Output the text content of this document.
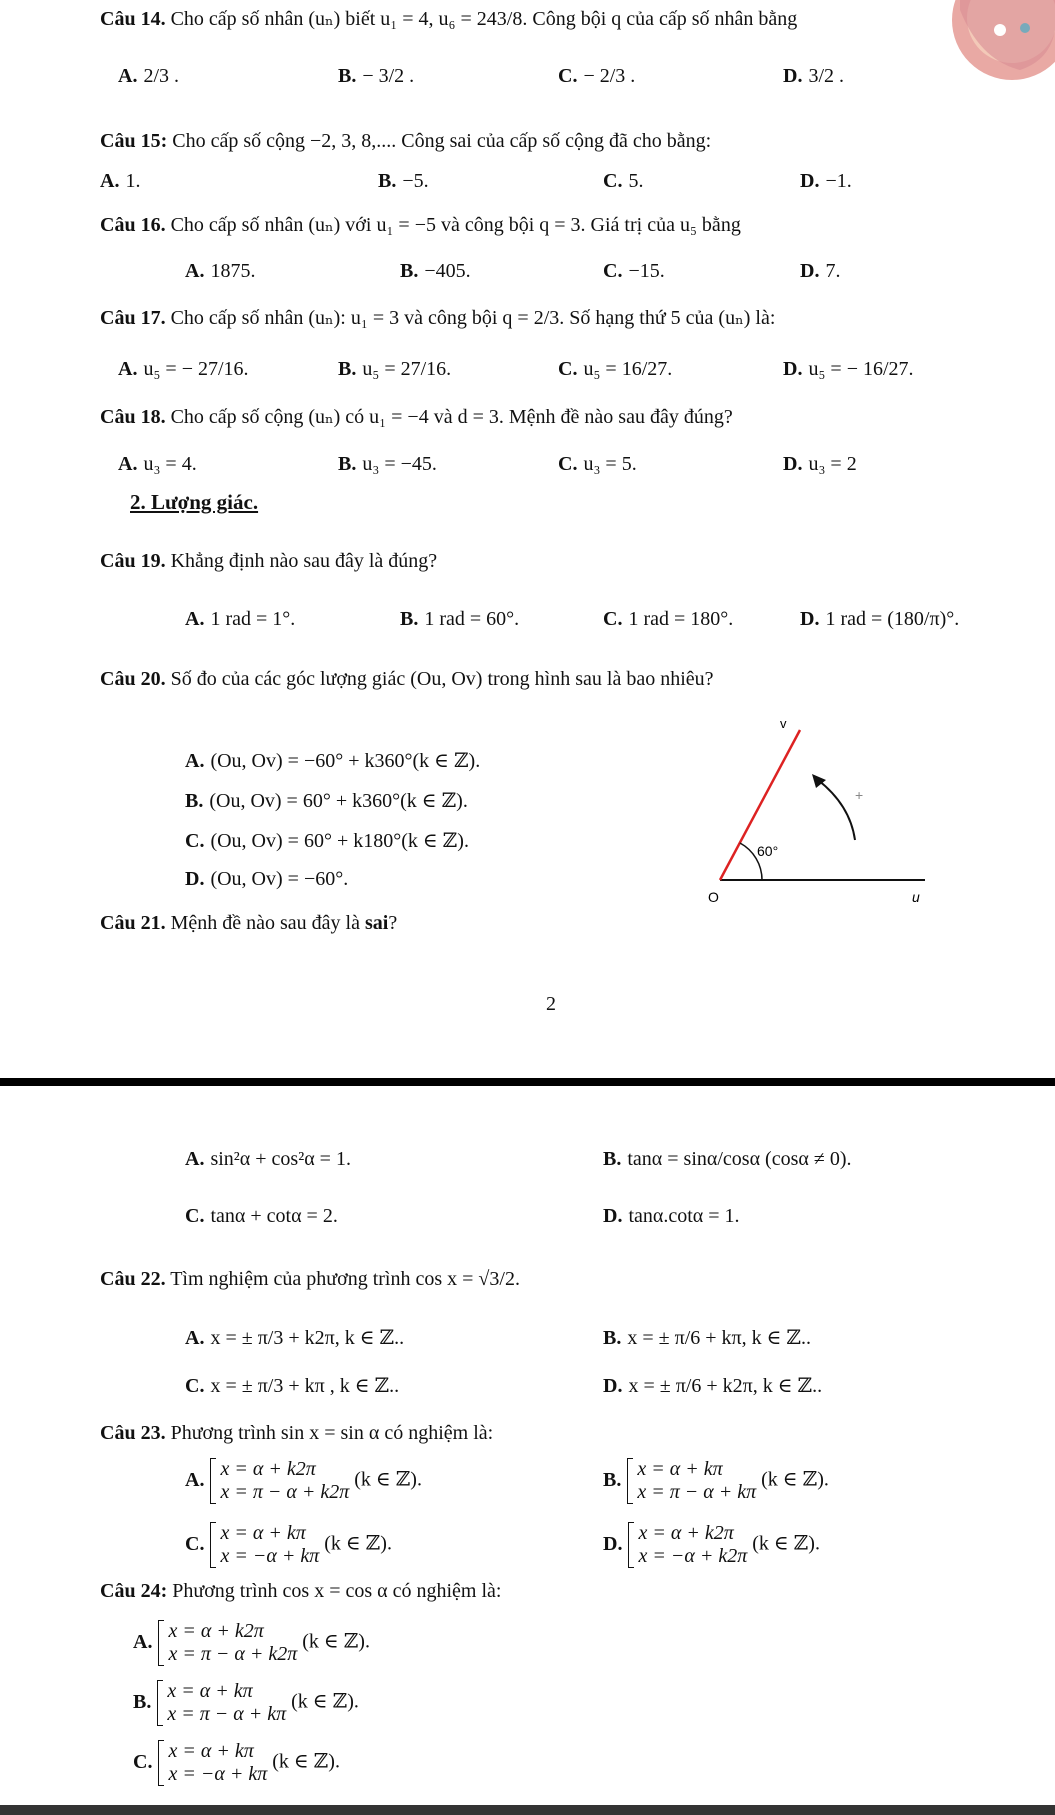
Câu 14. Cho cấp số nhân (uₙ) biết u₁ = 4, u₆ = 243/8. Công bội q của cấp số nhân bằng
A. 2/3 .	B. − 3/2 .	C. − 2/3 .	D. 3/2 .
Câu 15: Cho cấp số cộng −2, 3, 8,.... Công sai của cấp số cộng đã cho bằng:
A. 1.	B. −5.	C. 5.	D. −1.
Câu 16. Cho cấp số nhân (uₙ) với u₁ = −5 và công bội q = 3. Giá trị của u₅ bằng
A. 1875.	B. −405.	C. −15.	D. 7.
Câu 17. Cho cấp số nhân (uₙ): u₁ = 3 và công bội q = 2/3. Số hạng thứ 5 của (uₙ) là:
A. u₅ = − 27/16.	B. u₅ = 27/16.	C. u₅ = 16/27.	D. u₅ = − 16/27.
Câu 18. Cho cấp số cộng (uₙ) có u₁ = −4 và d = 3. Mệnh đề nào sau đây đúng?
A. u₃ = 4.	B. u₃ = −45.	C. u₃ = 5.	D. u₃ = 2
2. Lượng giác.
Câu 19. Khẳng định nào sau đây là đúng?
A. 1 rad = 1°.	B. 1 rad = 60°.	C. 1 rad = 180°.	D. 1 rad = (180/π)°.
Câu 20. Số đo của các góc lượng giác (Ou, Ov) trong hình sau là bao nhiêu?
A. (Ou, Ov) = −60° + k360°(k ∈ ℤ).
B. (Ou, Ov) = 60° + k360°(k ∈ ℤ).
C. (Ou, Ov) = 60° + k180°(k ∈ ℤ).
D. (Ou, Ov) = −60°.
v
O	u
60°
+
Câu 21. Mệnh đề nào sau đây là sai?
2
A. sin²α + cos²α = 1.	B. tanα = sinα/cosα (cosα ≠ 0).
C. tanα + cotα = 2.	D. tanα.cotα = 1.
Câu 22. Tìm nghiệm của phương trình cos x = √3/2.
A. x = ± π/3 + k2π, k ∈ ℤ..	B. x = ± π/6 + kπ, k ∈ ℤ..
C. x = ± π/3 + kπ , k ∈ ℤ..	D. x = ± π/6 + k2π, k ∈ ℤ..
Câu 23. Phương trình sin x = sin α có nghiệm là:
A. x = α + k2π
x = π − α + k2π
(k ∈ ℤ).	B. x = α + kπ
x = π − α + kπ
(k ∈ ℤ).
C. x = α + kπ
x = −α + kπ
(k ∈ ℤ).	D. x = α + k2π
x = −α + k2π
(k ∈ ℤ).
Câu 24: Phương trình cos x = cos α có nghiệm là:
A. x = α + k2π
x = π − α + k2π
(k ∈ ℤ).
B. x = α + kπ
x = π − α + kπ
(k ∈ ℤ).
C. x = α + kπ
x = −α + kπ
(k ∈ ℤ).
